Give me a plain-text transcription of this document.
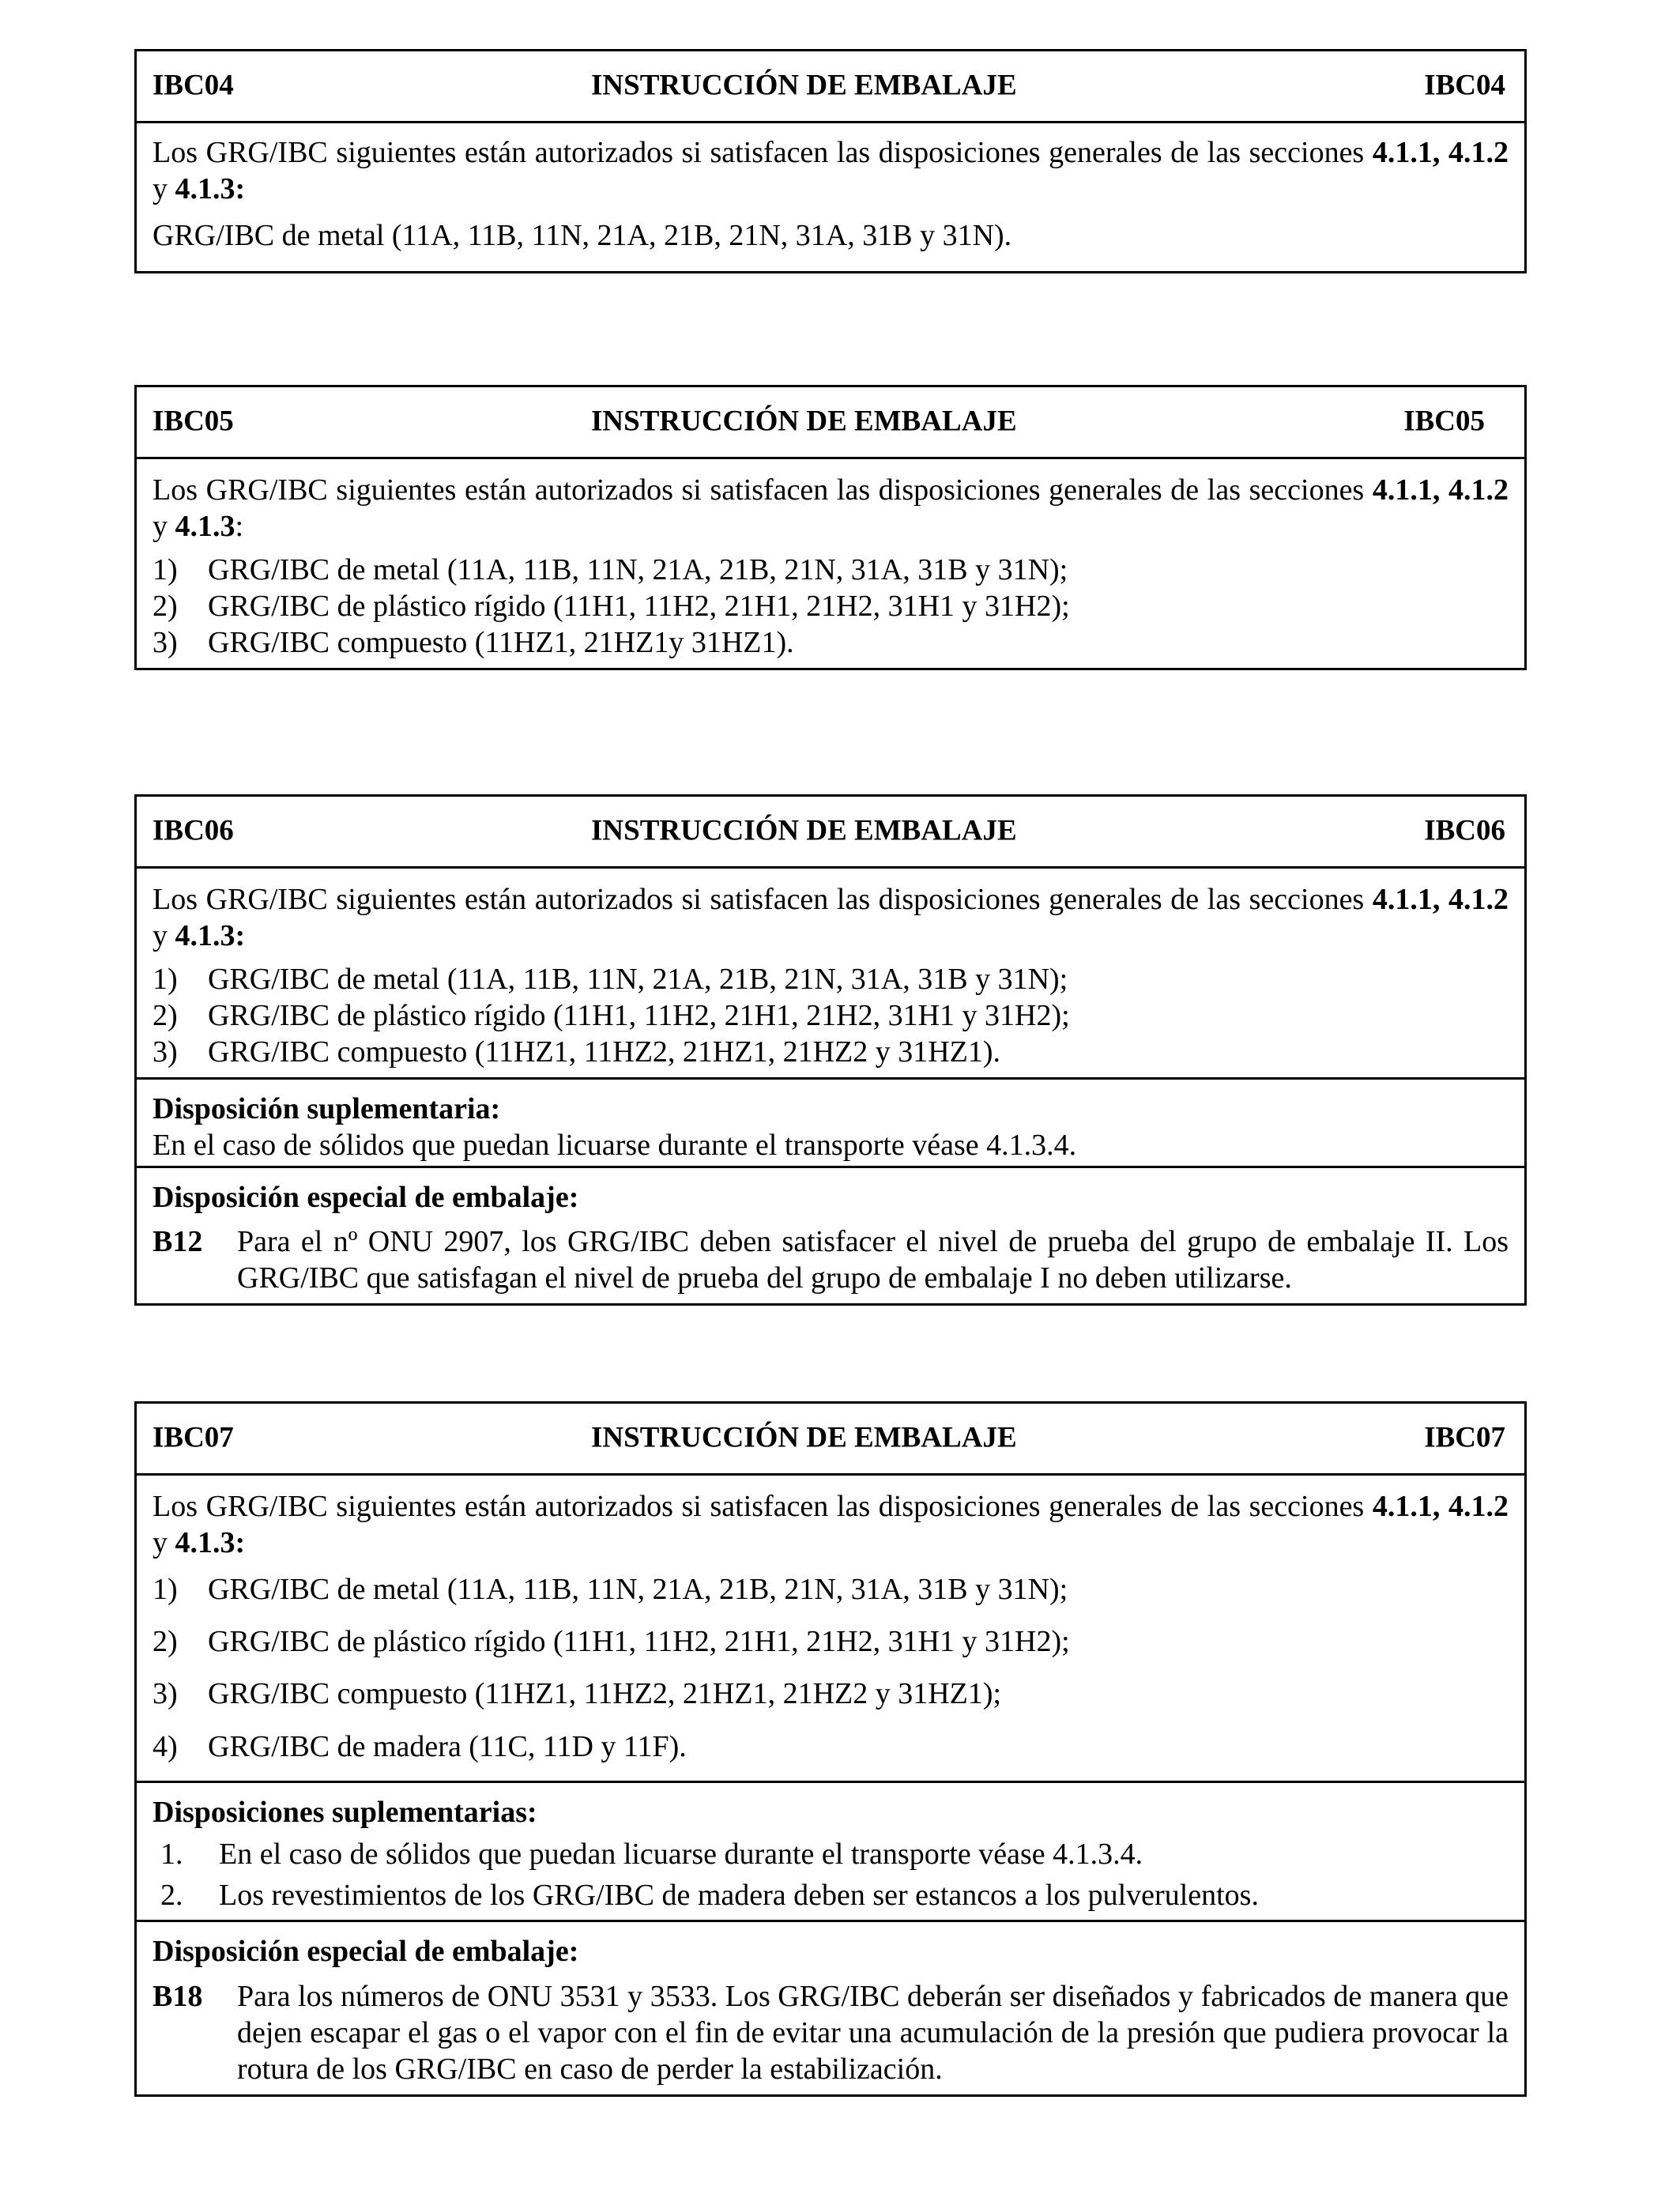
IBC04	INSTRUCCIÓN DE EMBALAJE	IBC04

Los GRG/IBC siguientes están autorizados si satisfacen las disposiciones generales de las secciones 4.1.1, 4.1.2 y 4.1.3:

GRG/IBC de metal (11A, 11B, 11N, 21A, 21B, 21N, 31A, 31B y 31N).

IBC05	INSTRUCCIÓN DE EMBALAJE	IBC05

Los GRG/IBC siguientes están autorizados si satisfacen las disposiciones generales de las secciones 4.1.1, 4.1.2 y 4.1.3:

1)	GRG/IBC de metal (11A, 11B, 11N, 21A, 21B, 21N, 31A, 31B y 31N);
2)	GRG/IBC de plástico rígido (11H1, 11H2, 21H1, 21H2, 31H1 y 31H2);
3)	GRG/IBC compuesto (11HZ1, 21HZ1y 31HZ1).
IBC06	INSTRUCCIÓN DE EMBALAJE	IBC06

Los GRG/IBC siguientes están autorizados si satisfacen las disposiciones generales de las secciones 4.1.1, 4.1.2 y 4.1.3:

1)	GRG/IBC de metal (11A, 11B, 11N, 21A, 21B, 21N, 31A, 31B y 31N);
2)	GRG/IBC de plástico rígido (11H1, 11H2, 21H1, 21H2, 31H1 y 31H2);
3)	GRG/IBC compuesto (11HZ1, 11HZ2, 21HZ1, 21HZ2 y 31HZ1).

Disposición suplementaria:

En el caso de sólidos que puedan licuarse durante el transporte véase 4.1.3.4.

Disposición especial de embalaje:

B12	Para el nº ONU 2907, los GRG/IBC deben satisfacer el nivel de prueba del grupo de embalaje II. Los GRG/IBC que satisfagan el nivel de prueba del grupo de embalaje I no deben utilizarse.
IBC07	INSTRUCCIÓN DE EMBALAJE	IBC07

Los GRG/IBC siguientes están autorizados si satisfacen las disposiciones generales de las secciones 4.1.1, 4.1.2 y 4.1.3:

1)	GRG/IBC de metal (11A, 11B, 11N, 21A, 21B, 21N, 31A, 31B y 31N);
2)	GRG/IBC de plástico rígido (11H1, 11H2, 21H1, 21H2, 31H1 y 31H2);
3)	GRG/IBC compuesto (11HZ1, 11HZ2, 21HZ1, 21HZ2 y 31HZ1);
4)	GRG/IBC de madera (11C, 11D y 11F).

Disposiciones suplementarias:

1.	En el caso de sólidos que puedan licuarse durante el transporte véase 4.1.3.4.
2.	Los revestimientos de los GRG/IBC de madera deben ser estancos a los pulverulentos.

Disposición especial de embalaje:

B18	Para los números de ONU 3531 y 3533. Los GRG/IBC deberán ser diseñados y fabricados de manera que dejen escapar el gas o el vapor con el fin de evitar una acumulación de la presión que pudiera provocar la rotura de los GRG/IBC en caso de perder la estabilización.
